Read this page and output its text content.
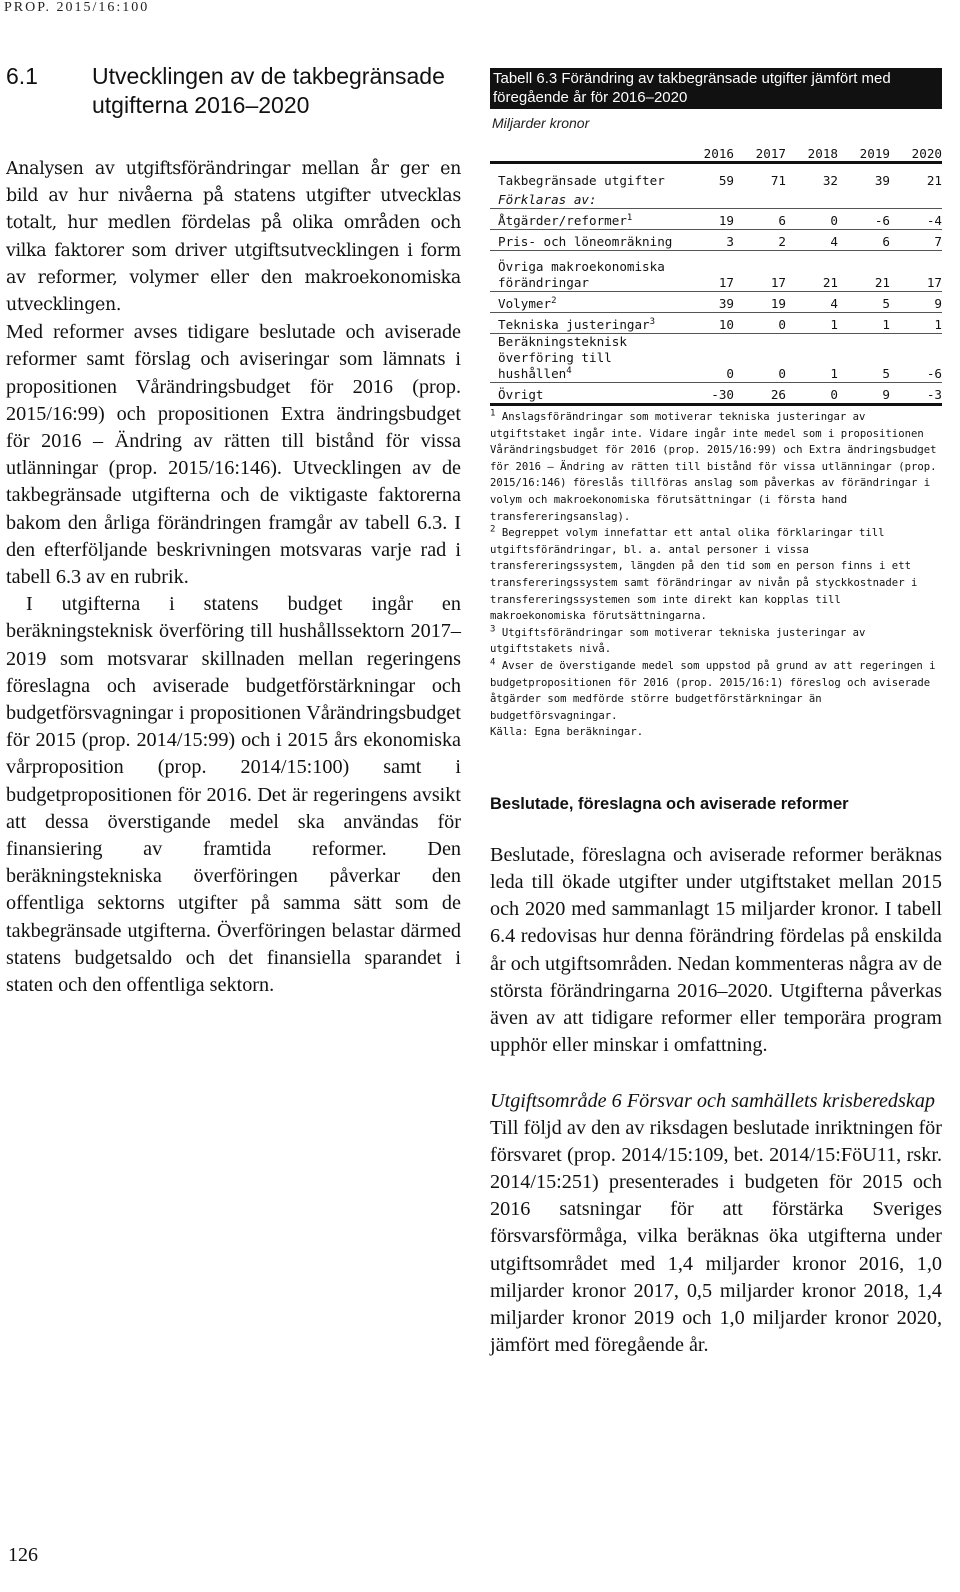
PROP. 2015/16:100
6.1	Utvecklingen av de takbegränsade utgifterna 2016–2020

Analysen av utgiftsförändringar mellan år ger en bild av hur nivåerna på statens utgifter utvecklas totalt, hur medlen fördelas på olika områden och vilka faktorer som driver utgiftsutvecklingen i form av reformer, volymer eller den makroekonomiska utvecklingen.

Med reformer avses tidigare beslutade och aviserade reformer samt förslag och aviseringar som lämnats i propositionen Vårändringsbudget för 2016 (prop. 2015/16:99) och propositionen Extra ändringsbudget för 2016 – Ändring av rätten till bistånd för vissa utlänningar (prop. 2015/16:146). Utvecklingen av de takbegränsade utgifterna och de viktigaste faktorerna bakom den årliga förändringen framgår av tabell 6.3. I den efterföljande beskrivningen motsvaras varje rad i tabell 6.3 av en rubrik.

I utgifterna i statens budget ingår en beräkningsteknisk överföring till hushållssektorn 2017–2019 som motsvarar skillnaden mellan regeringens föreslagna och aviserade budgetförstärkningar och budgetförsvagningar i propositionen Vårändringsbudget för 2015 (prop. 2014/15:99) och i 2015 års ekonomiska vårproposition (prop. 2014/15:100) samt i budgetpropositionen för 2016. Det är regeringens avsikt att dessa överstigande medel ska användas för finansiering av framtida reformer. Den beräkningstekniska överföringen påverkar den offentliga sektorns utgifter på samma sätt som de takbegränsade utgifterna. Överföringen belastar därmed statens budgetsaldo och det finansiella sparandet i staten och den offentliga sektorn.

Tabell 6.3 Förändring av takbegränsade utgifter jämfört med föregående år för 2016–2020
Miljarder kronor
	2016	2017	2018	2019	2020
Takbegränsade utgifter	59	71	32	39	21
Förklaras av:					
Åtgärder/reformer$^1$	19	6	0	-6	-4
Pris- och löneomräkning	3	2	4	6	7
Övriga makroekonomiska förändringar	17	17	21	21	17
Volymer$^2$	39	19	4	5	9
Tekniska justeringar$^3$	10	0	1	1	1
Beräkningsteknisk överföring till hushållen$^4$	0	0	1	5	-6
Övrigt	-30	26	0	9	-3

$^1$ Anslagsförändringar som motiverar tekniska justeringar av utgiftstaket ingår inte. Vidare ingår inte medel som i propositionen Vårändringsbudget för 2016 (prop. 2015/16:99) och Extra ändringsbudget för 2016 – Ändring av rätten till bistånd för vissa utlänningar (prop. 2015/16:146) föreslås tillföras anslag som påverkas av förändringar i volym och makroekonomiska förutsättningar (i första hand transfereringsanslag).

$^2$ Begreppet volym innefattar ett antal olika förklaringar till utgiftsförändringar, bl. a. antal personer i vissa transfereringssystem, längden på den tid som en person finns i ett transfereringssystem samt förändringar av nivån på styckkostnader i transfereringssystemen som inte direkt kan kopplas till makroekonomiska förutsättningarna.

$^3$ Utgiftsförändringar som motiverar tekniska justeringar av utgiftstakets nivå.

$^4$ Avser de överstigande medel som uppstod på grund av att regeringen i budgetpropositionen för 2016 (prop. 2015/16:1) föreslog och aviserade åtgärder som medförde större budgetförstärkningar än budgetförsvagningar.

Källa: Egna beräkningar.

Beslutade, föreslagna och aviserade reformer

Beslutade, föreslagna och aviserade reformer beräknas leda till ökade utgifter under utgiftstaket mellan 2015 och 2020 med sammanlagt 15 miljarder kronor. I tabell 6.4 redovisas hur denna förändring fördelas på enskilda år och utgiftsområden. Nedan kommenteras några av de största förändringarna 2016–2020. Utgifterna påverkas även av att tidigare reformer eller temporära program upphör eller minskar i omfattning.

Utgiftsområde 6 Försvar och samhällets krisberedskap

Till följd av den av riksdagen beslutade inriktningen för försvaret (prop. 2014/15:109, bet. 2014/15:FöU11, rskr. 2014/15:251) presenterades i budgeten för 2015 och 2016 satsningar för att förstärka Sveriges försvarsförmåga, vilka beräknas öka utgifterna under utgiftsområdet med 1,4 miljarder kronor 2016, 1,0 miljarder kronor 2017, 0,5 miljarder kronor 2018, 1,4 miljarder kronor 2019 och 1,0 miljarder kronor 2020, jämfört med föregående år.

126
